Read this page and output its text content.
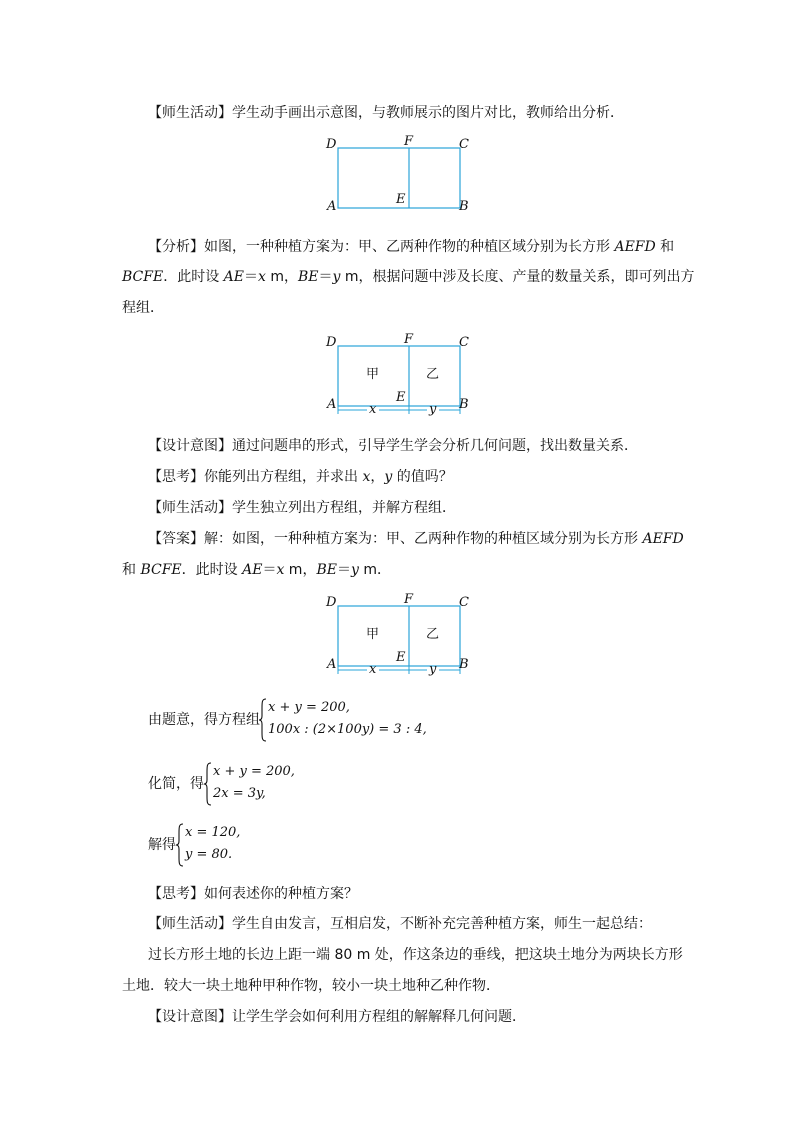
【师生活动】学生动手画出示意图，与教师展示的图片对比，教师给出分析．
D	F	C
E
A	B
【分析】如图，一种种植方案为：甲、乙两种作物的种植区域分别为长方形 AEFD 和
BCFE．此时设 AE＝x m，BE＝y m，根据问题中涉及长度、产量的数量关系，即可列出方
程组．
D	F	C
E
A	B
甲	乙
x	y
【设计意图】通过问题串的形式，引导学生学会分析几何问题，找出数量关系．
【思考】你能列出方程组，并求出 x，y 的值吗？
【师生活动】学生独立列出方程组，并解方程组．
【答案】解：如图，一种种植方案为：甲、乙两种作物的种植区域分别为长方形 AEFD
和 BCFE．此时设 AE＝x m，BE＝y m．
D	F	C
E
A	B
甲	乙
x	y
由题意，得方程组
x + y = 200,
100x : (2×100y) = 3 : 4,
化简，得
x + y = 200,
2x = 3y,
解得
x = 120,
y = 80.
【思考】如何表述你的种植方案？
【师生活动】学生自由发言，互相启发，不断补充完善种植方案，师生一起总结：
过长方形土地的长边上距一端 80 m 处，作这条边的垂线，把这块土地分为两块长方形
土地．较大一块土地种甲种作物，较小一块土地种乙种作物．
【设计意图】让学生学会如何利用方程组的解解释几何问题．
